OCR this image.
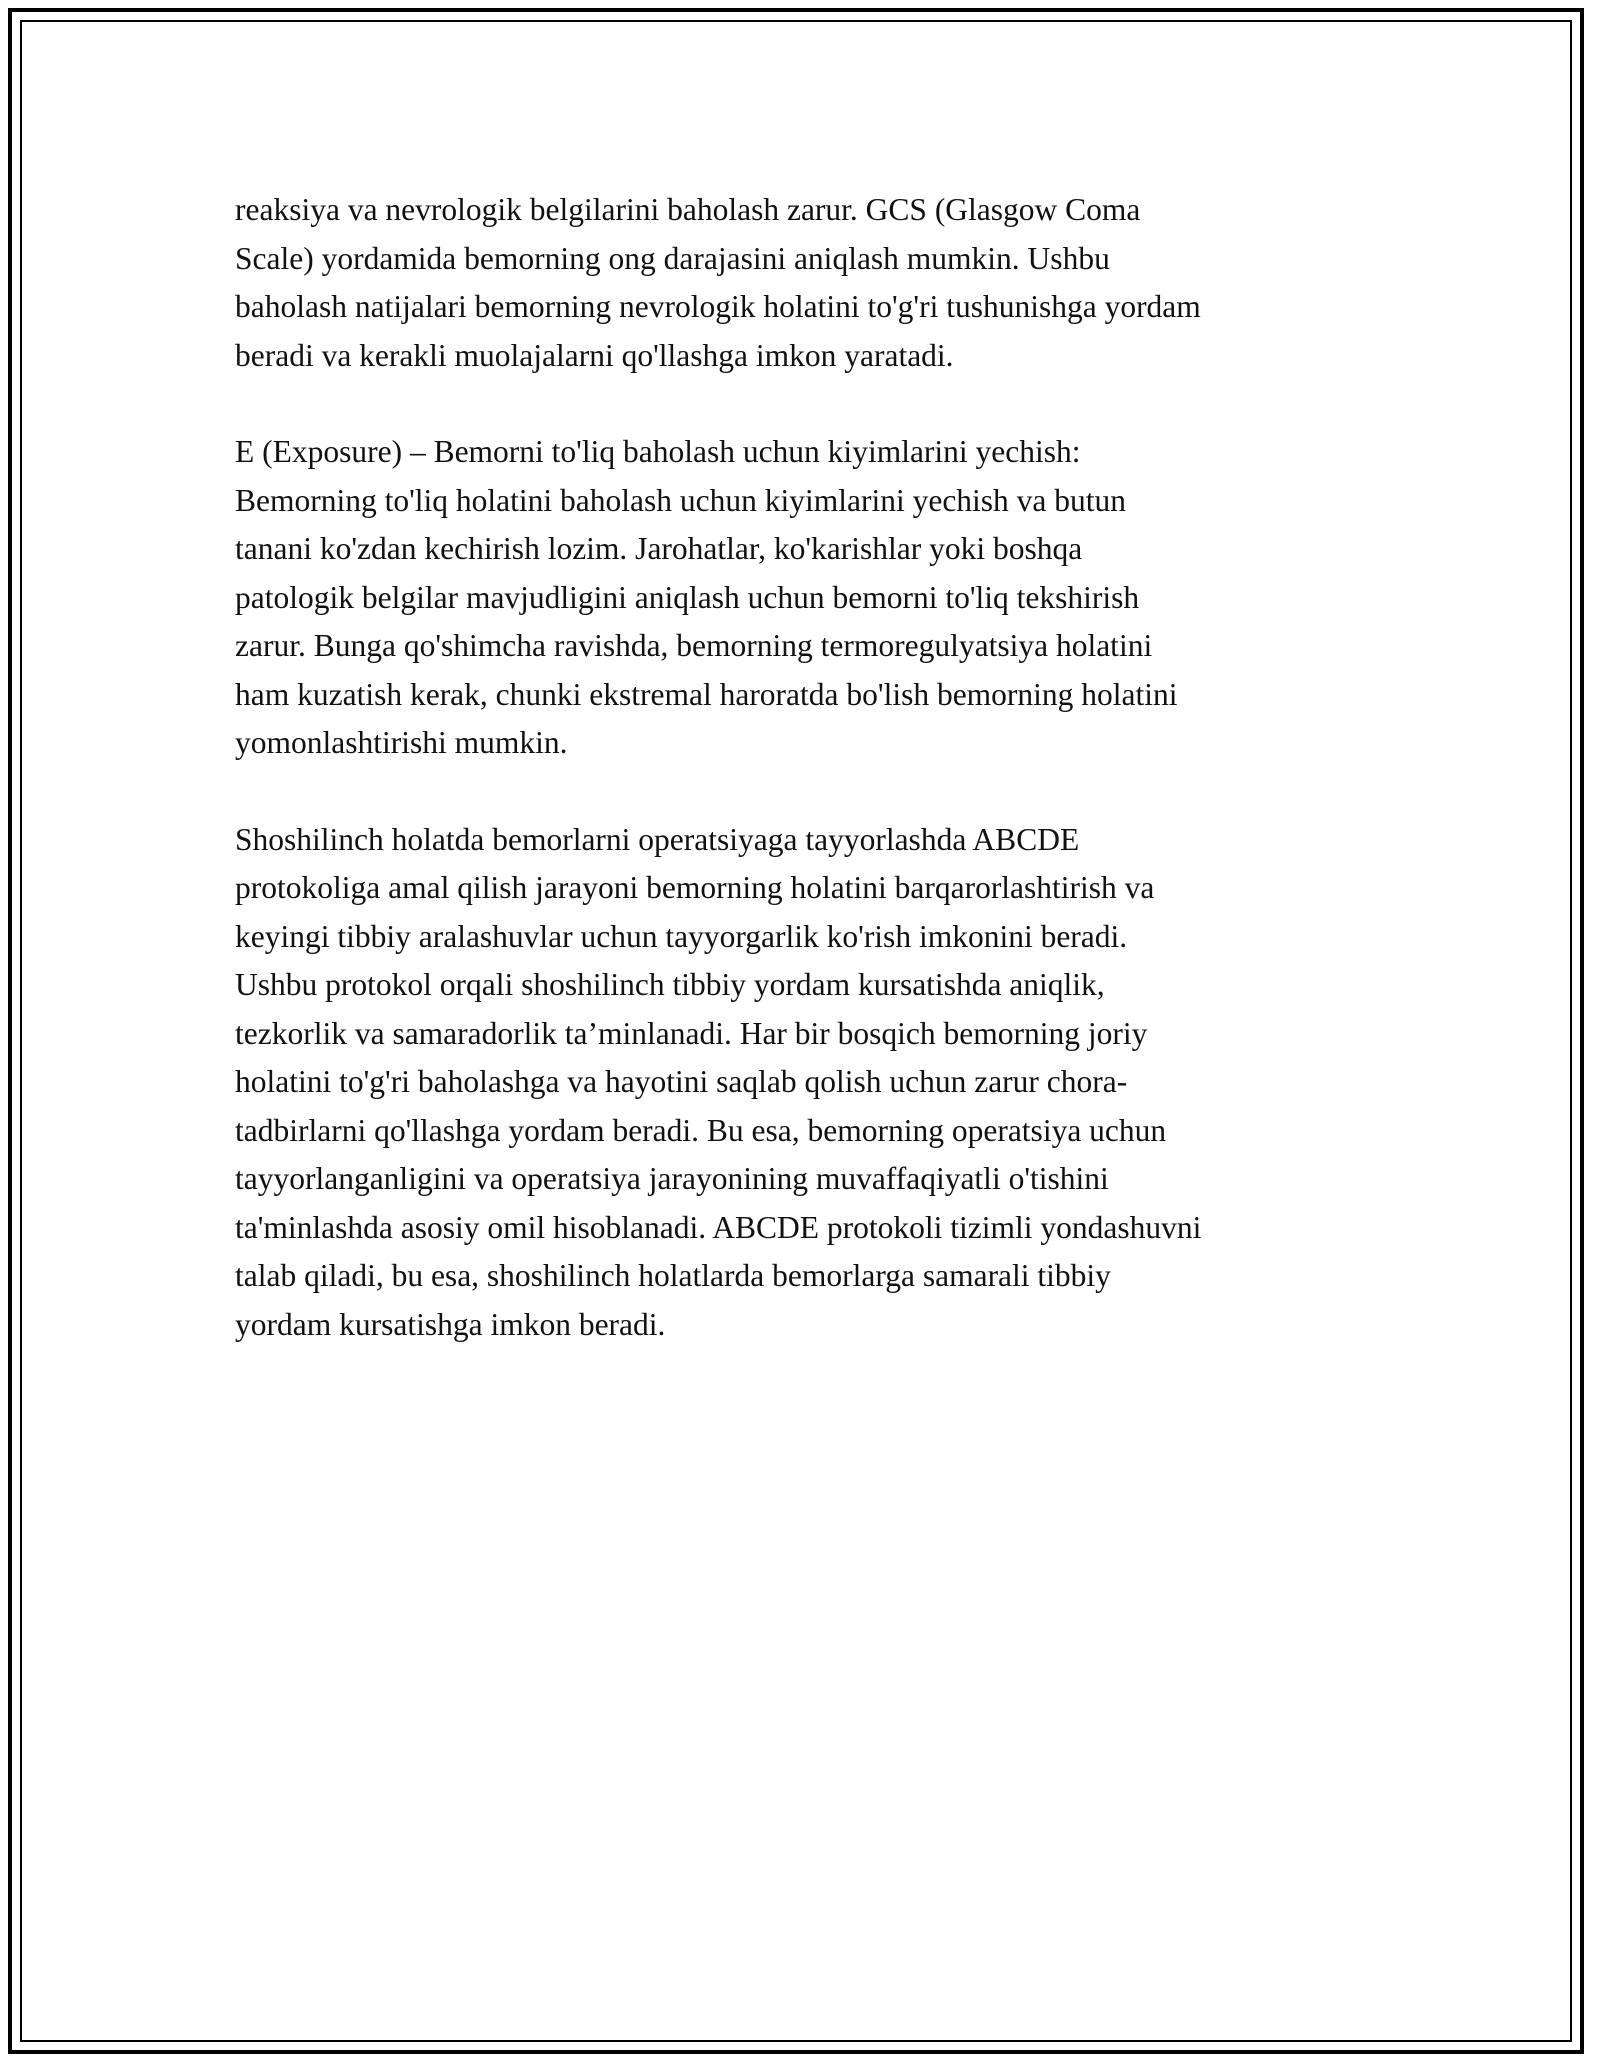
reaksiya va nevrologik belgilarini baholash zarur. GCS (Glasgow Coma
Scale) yordamida bemorning ong darajasini aniqlash mumkin. Ushbu
baholash natijalari bemorning nevrologik holatini to'g'ri tushunishga yordam
beradi va kerakli muolajalarni qo'llashga imkon yaratadi.

E (Exposure) – Bemorni to'liq baholash uchun kiyimlarini yechish:
Bemorning to'liq holatini baholash uchun kiyimlarini yechish va butun
tanani ko'zdan kechirish lozim. Jarohatlar, ko'karishlar yoki boshqa
patologik belgilar mavjudligini aniqlash uchun bemorni to'liq tekshirish
zarur. Bunga qo'shimcha ravishda, bemorning termoregulyatsiya holatini
ham kuzatish kerak, chunki ekstremal haroratda bo'lish bemorning holatini
yomonlashtirishi mumkin.

Shoshilinch holatda bemorlarni operatsiyaga tayyorlashda ABCDE
protokoliga amal qilish jarayoni bemorning holatini barqarorlashtirish va
keyingi tibbiy aralashuvlar uchun tayyorgarlik ko'rish imkonini beradi.
Ushbu protokol orqali shoshilinch tibbiy yordam kursatishda aniqlik,
tezkorlik va samaradorlik ta’minlanadi. Har bir bosqich bemorning joriy
holatini to'g'ri baholashga va hayotini saqlab qolish uchun zarur chora-
tadbirlarni qo'llashga yordam beradi. Bu esa, bemorning operatsiya uchun
tayyorlanganligini va operatsiya jarayonining muvaffaqiyatli o'tishini
ta'minlashda asosiy omil hisoblanadi. ABCDE protokoli tizimli yondashuvni
talab qiladi, bu esa, shoshilinch holatlarda bemorlarga samarali tibbiy
yordam kursatishga imkon beradi.
